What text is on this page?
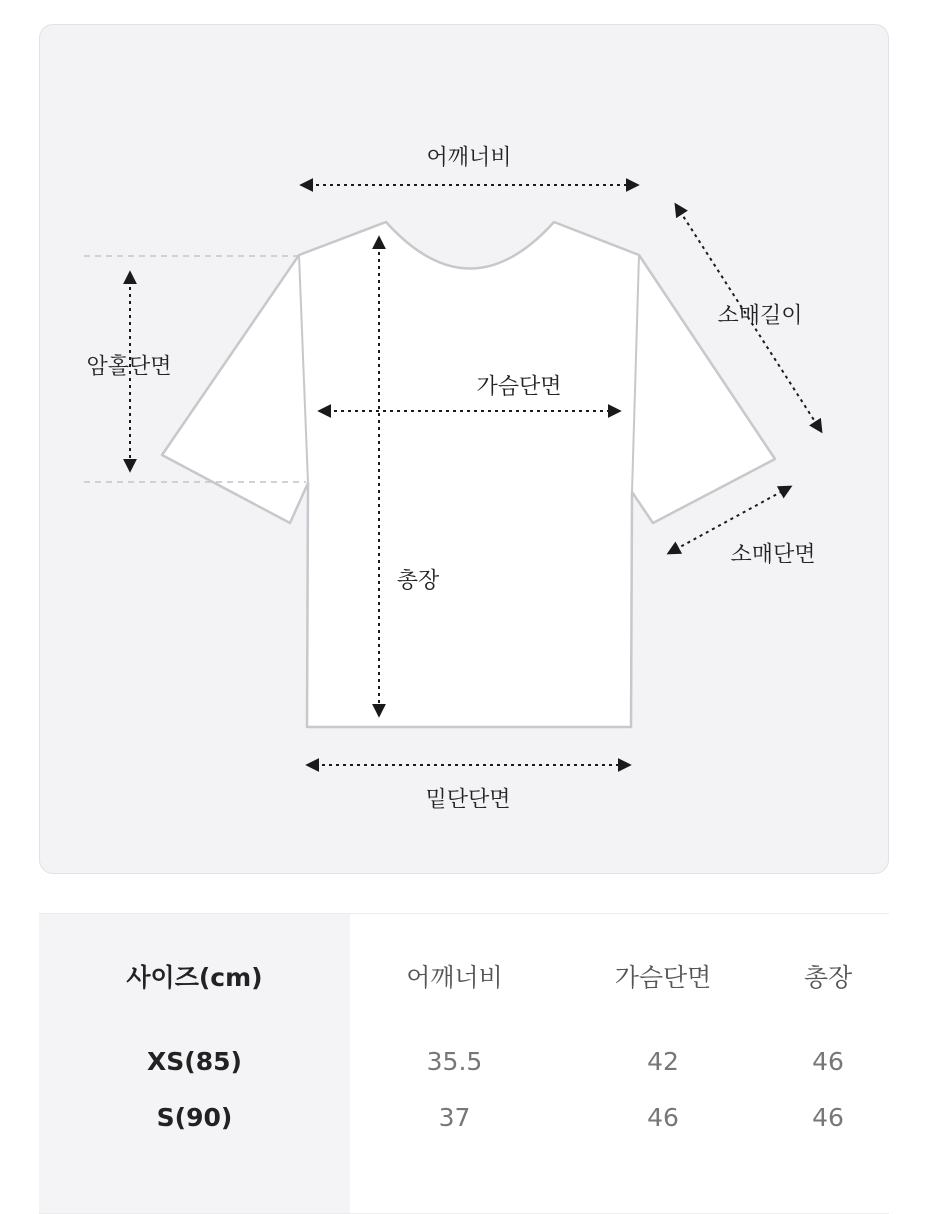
어깨너비
소매길이
암홀단면
가슴단면
소매단면
총장
밑단단면
사이즈(cm)	어깨너비	가슴단면	총장
XS(85)	35.5	42	46
S(90)	37	46	46
